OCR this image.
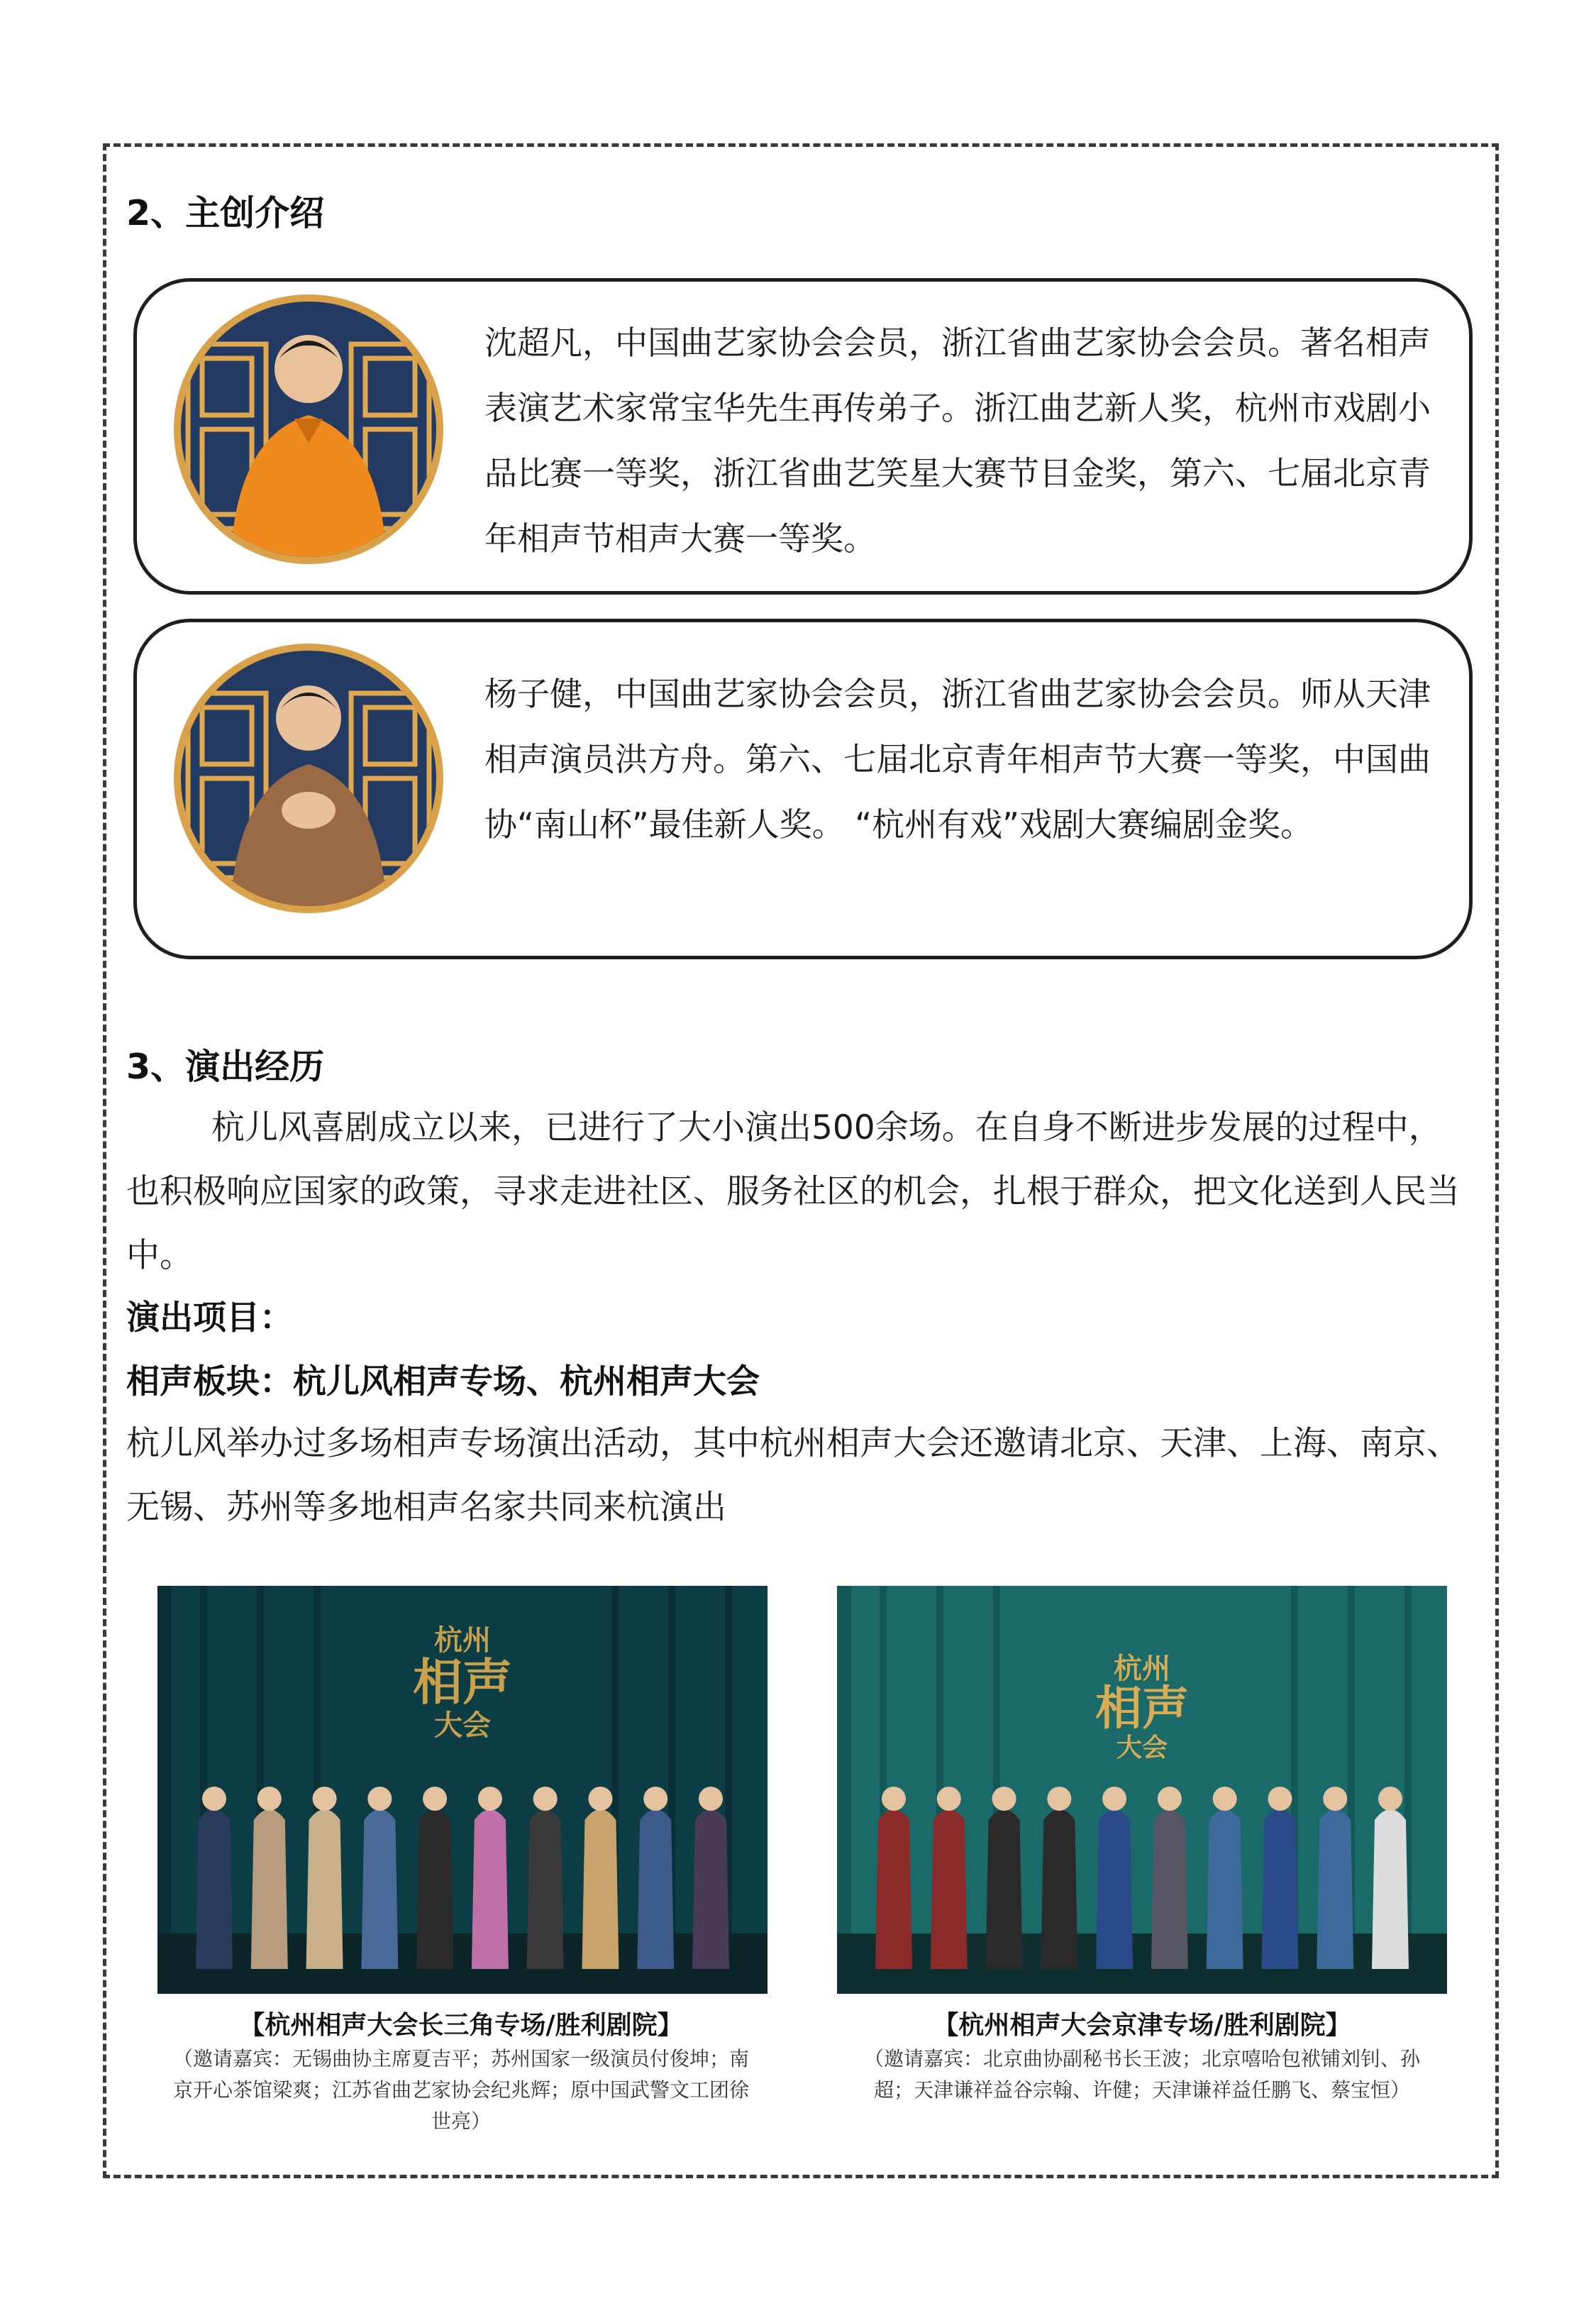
2、主创介绍
沈超凡，中国曲艺家协会会员，浙江省曲艺家协会会员。著名相声表演艺术家常宝华先生再传弟子。浙江曲艺新人奖，杭州市戏剧小品比赛一等奖，浙江省曲艺笑星大赛节目金奖，第六、七届北京青年相声节相声大赛一等奖。
杨子健，中国曲艺家协会会员，浙江省曲艺家协会会员。师从天津相声演员洪方舟。第六、七届北京青年相声节大赛一等奖，中国曲协“南山杯”最佳新人奖。 “杭州有戏”戏剧大赛编剧金奖。
3、演出经历
杭儿风喜剧成立以来，已进行了大小演出500余场。在自身不断进步发展的过程中，也积极响应国家的政策，寻求走进社区、服务社区的机会，扎根于群众，把文化送到人民当中。
演出项目：
相声板块：杭儿风相声专场、杭州相声大会
杭儿风举办过多场相声专场演出活动，其中杭州相声大会还邀请北京、天津、上海、南京、无锡、苏州等多地相声名家共同来杭演出
杭州
相声
大会
【杭州相声大会长三角专场/胜利剧院】
（邀请嘉宾：无锡曲协主席夏吉平；苏州国家一级演员付俊坤；南京开心茶馆梁爽；江苏省曲艺家协会纪兆辉；原中国武警文工团徐世亮）
杭州
相声
大会
【杭州相声大会京津专场/胜利剧院】
（邀请嘉宾：北京曲协副秘书长王波；北京嘻哈包袱铺刘钊、孙超；天津谦祥益谷宗翰、许健；天津谦祥益任鹏飞、蔡宝恒）
